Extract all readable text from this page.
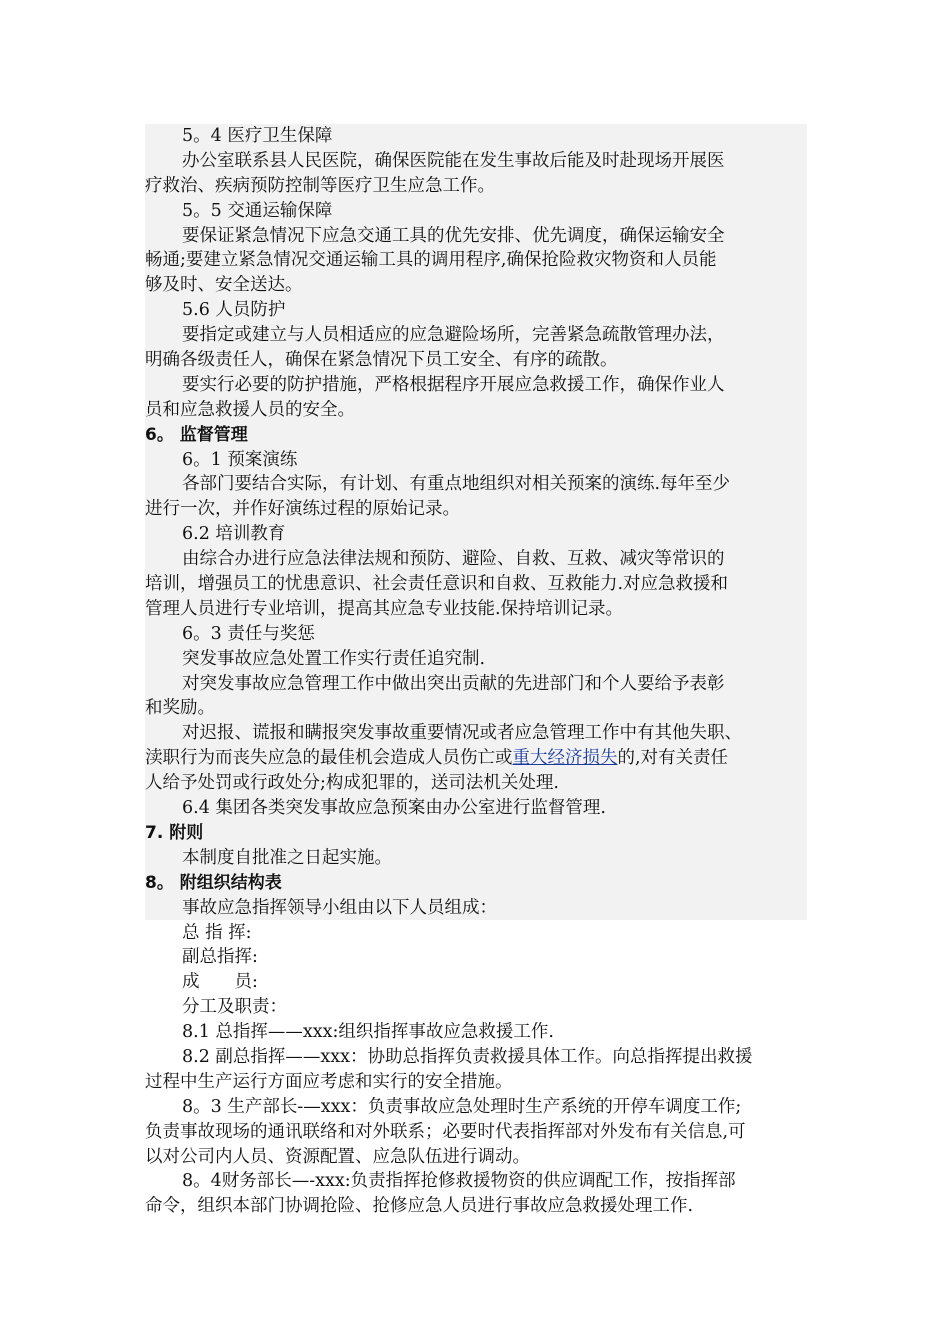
5。4 医疗卫生保障
办公室联系县人民医院，确保医院能在发生事故后能及时赴现场开展医
疗救治、疾病预防控制等医疗卫生应急工作。
5。5 交通运输保障
要保证紧急情况下应急交通工具的优先安排、优先调度，确保运输安全
畅通;要建立紧急情况交通运输工具的调用程序,确保抢险救灾物资和人员能
够及时、安全送达。
5.6 人员防护
要指定或建立与人员相适应的应急避险场所，完善紧急疏散管理办法，
明确各级责任人，确保在紧急情况下员工安全、有序的疏散。
要实行必要的防护措施，严格根据程序开展应急救援工作，确保作业人
员和应急救援人员的安全。
6。 监督管理
6。1 预案演练
各部门要结合实际，有计划、有重点地组织对相关预案的演练.每年至少
进行一次，并作好演练过程的原始记录。
6.2 培训教育
由综合办进行应急法律法规和预防、避险、自救、互救、减灾等常识的
培训，增强员工的忧患意识、社会责任意识和自救、互救能力.对应急救援和
管理人员进行专业培训，提高其应急专业技能.保持培训记录。
6。3 责任与奖惩
突发事故应急处置工作实行责任追究制.
对突发事故应急管理工作中做出突出贡献的先进部门和个人要给予表彰
和奖励。
对迟报、谎报和瞒报突发事故重要情况或者应急管理工作中有其他失职、
渎职行为而丧失应急的最佳机会造成人员伤亡或重大经济损失的,对有关责任
人给予处罚或行政处分;构成犯罪的，送司法机关处理.
6.4 集团各类突发事故应急预案由办公室进行监督管理.
7. 附则
本制度自批准之日起实施。
8。 附组织结构表
事故应急指挥领导小组由以下人员组成：
总 指 挥:
副总指挥:
成　　员:
分工及职责：
8.1 总指挥——xxx:组织指挥事故应急救援工作.
8.2 副总指挥——xxx：协助总指挥负责救援具体工作。向总指挥提出救援
过程中生产运行方面应考虑和实行的安全措施。
8。3 生产部长-—xxx：负责事故应急处理时生产系统的开停车调度工作;
负责事故现场的通讯联络和对外联系；必要时代表指挥部对外发布有关信息,可
以对公司内人员、资源配置、应急队伍进行调动。
8。4财务部长—-xxx:负责指挥抢修救援物资的供应调配工作，按指挥部
命令，组织本部门协调抢险、抢修应急人员进行事故应急救援处理工作.
